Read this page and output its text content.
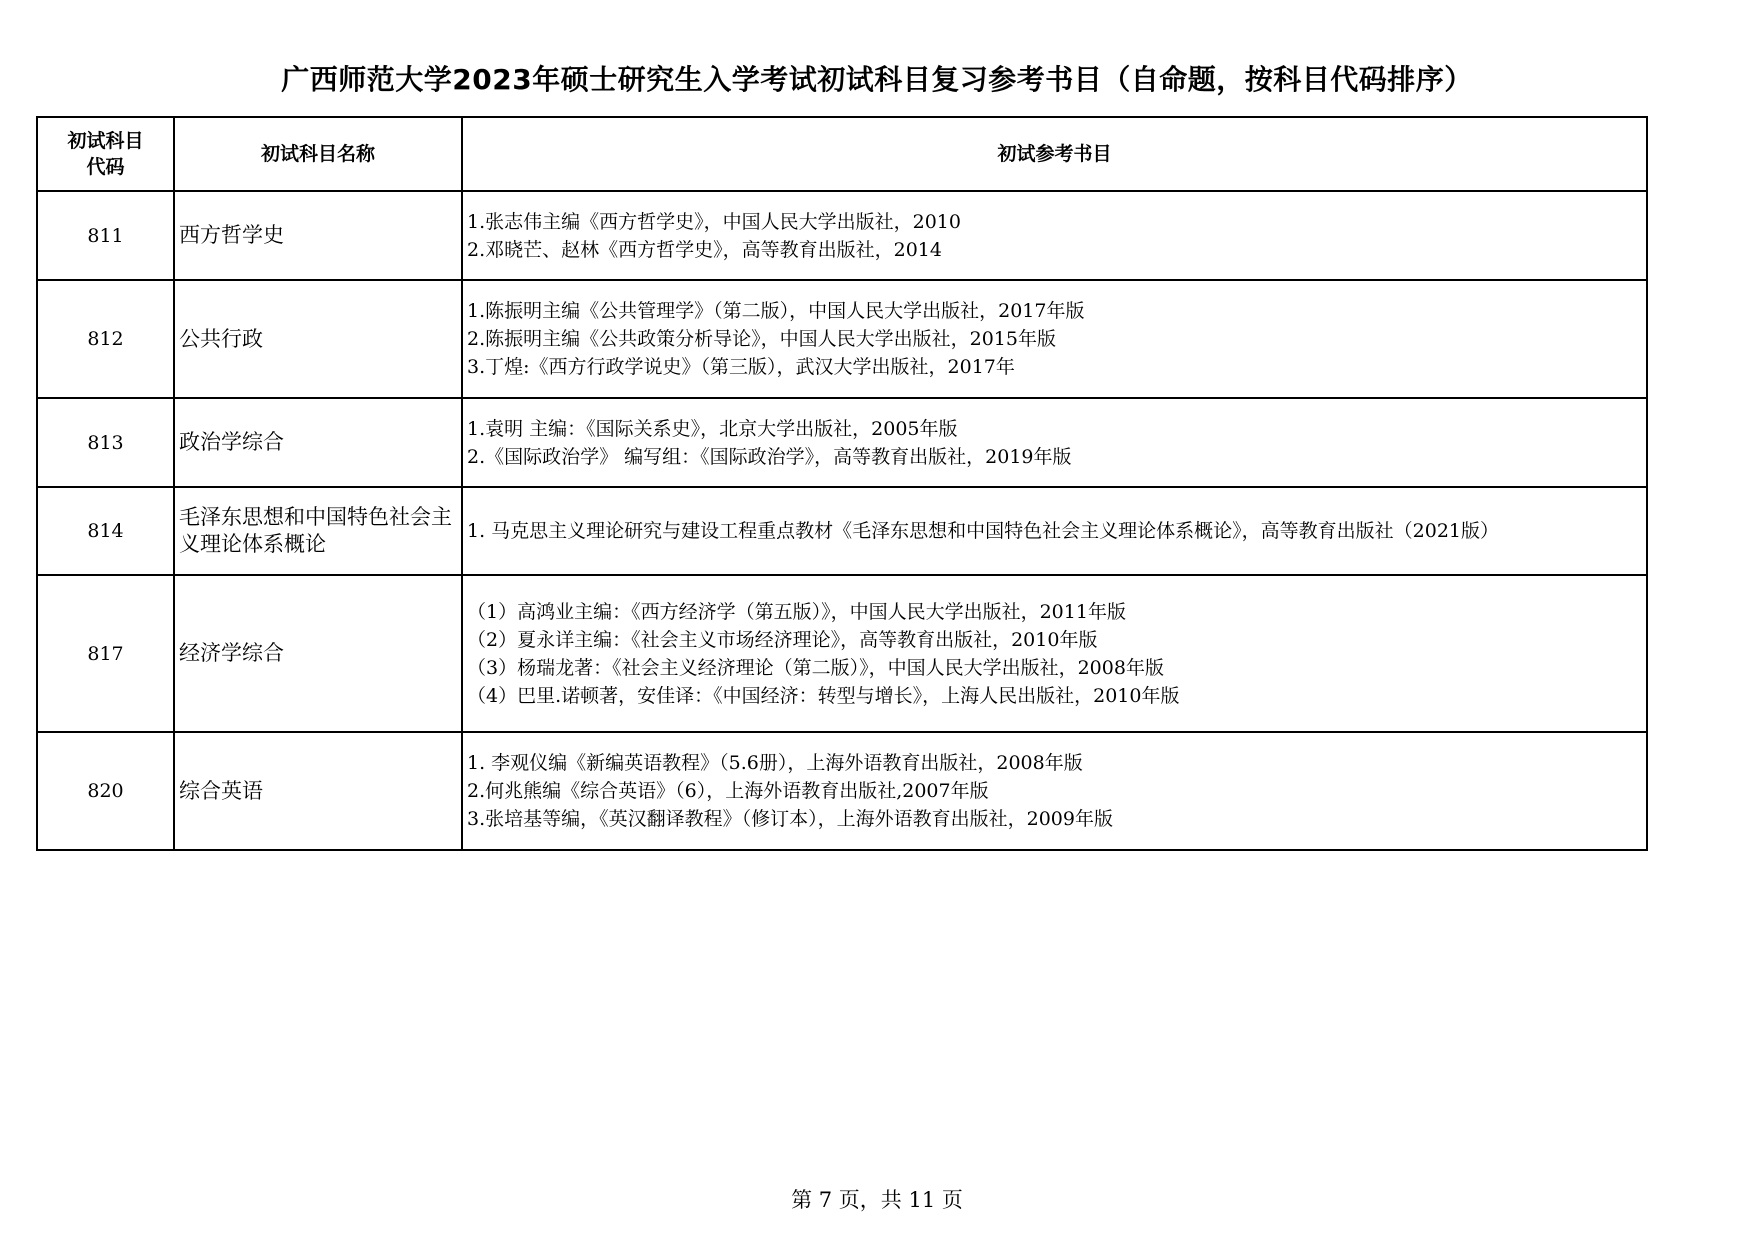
广西师范大学2023年硕士研究生入学考试初试科目复习参考书目（自命题，按科目代码排序）
初试科目
代码	初试科目名称	初试参考书目
811	西方哲学史	1.张志伟主编《西方哲学史》，中国人民大学出版社，2010
2.邓晓芒、赵林《西方哲学史》，高等教育出版社，2014

812	公共行政	1.陈振明主编《公共管理学》（第二版），中国人民大学出版社，2017年版
2.陈振明主编《公共政策分析导论》，中国人民大学出版社，2015年版
3.丁煌:《西方行政学说史》（第三版），武汉大学出版社，2017年

813	政治学综合	1.袁明 主编：《国际关系史》，北京大学出版社，2005年版
2.《国际政治学》 编写组：《国际政治学》，高等教育出版社，2019年版

814	毛泽东思想和中国特色社会主义理论体系概论	1. 马克思主义理论研究与建设工程重点教材《毛泽东思想和中国特色社会主义理论体系概论》，高等教育出版社（2021版）

817	经济学综合	（1）高鸿业主编：《西方经济学（第五版）》，中国人民大学出版社，2011年版
（2）夏永详主编：《社会主义市场经济理论》，高等教育出版社，2010年版
（3）杨瑞龙著：《社会主义经济理论（第二版）》，中国人民大学出版社，2008年版
（4）巴里.诺顿著，安佳译：《中国经济：转型与增长》，上海人民出版社，2010年版

820	综合英语	1. 李观仪编《新编英语教程》（5.6册），上海外语教育出版社，2008年版
2.何兆熊编《综合英语》（6），上海外语教育出版社,2007年版
3.张培基等编，《英汉翻译教程》（修订本），上海外语教育出版社，2009年版
第 7 页，共 11 页
